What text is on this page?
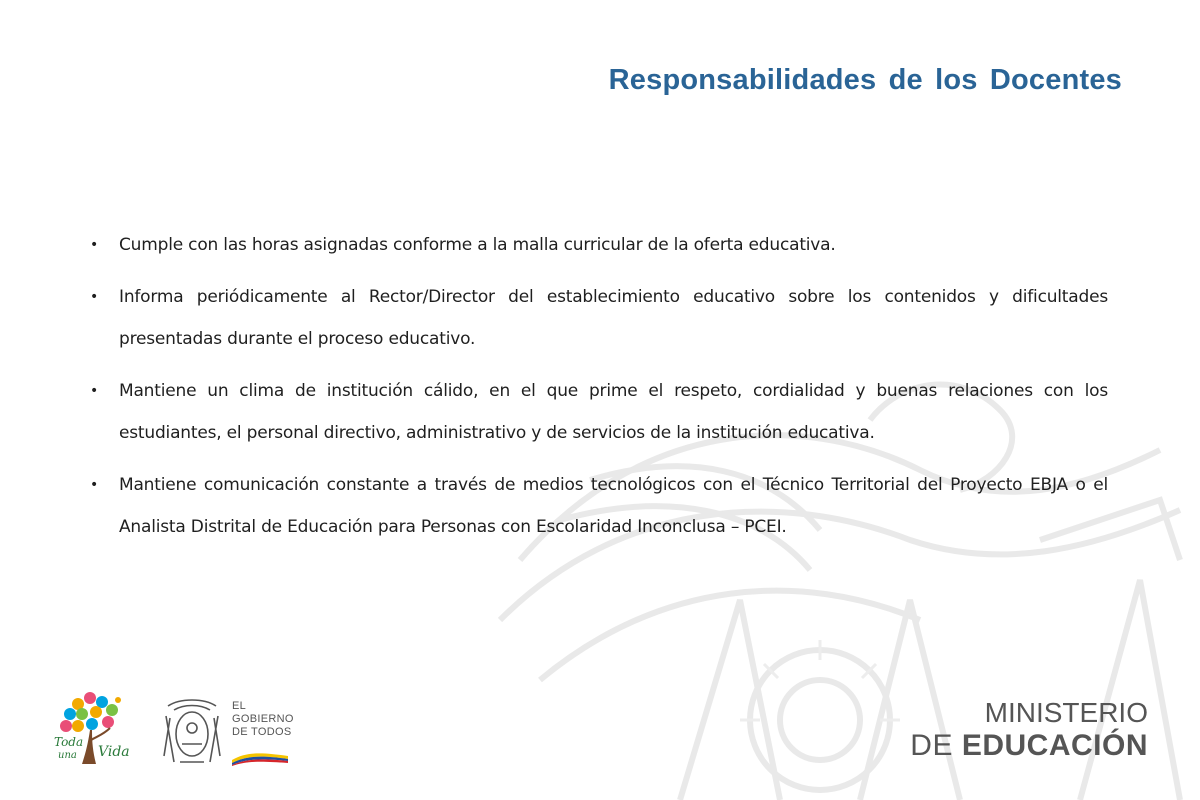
Responsabilidades de los Docentes
• Cumple con las horas asignadas conforme a la malla curricular de la oferta educativa.
• Informa periódicamente al Rector/Director del establecimiento educativo sobre los contenidos y dificultades presentadas durante el proceso educativo.
• Mantiene un clima de institución cálido, en el que prime el respeto, cordialidad y buenas relaciones con los estudiantes, el personal directivo, administrativo y de servicios de la institución educativa.
• Mantiene comunicación constante a través de medios tecnológicos con el Técnico Territorial del Proyecto EBJA o el Analista Distrital de Educación para Personas con Escolaridad Inconclusa – PCEI.
Toda
una Vida
EL
GOBIERNO
DE TODOS
MINISTERIO
DE EDUCACIÓN
